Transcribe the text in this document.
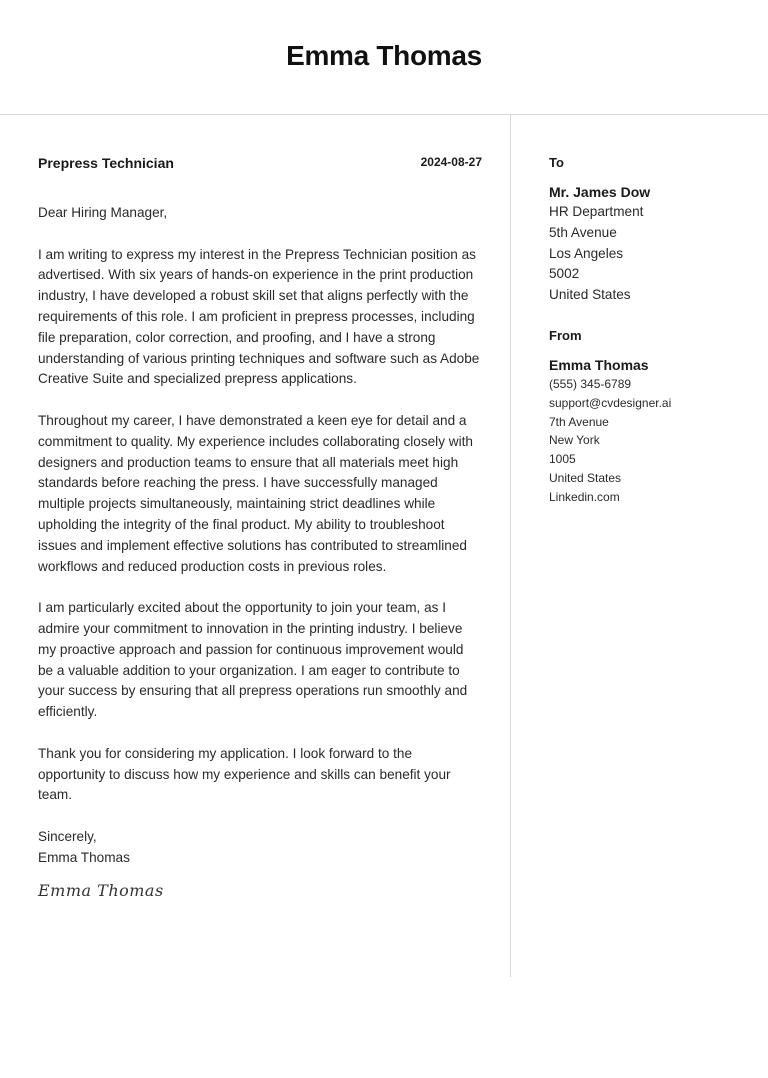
Emma Thomas
Prepress Technician	2024-08-27

Dear Hiring Manager,

I am writing to express my interest in the Prepress Technician position as advertised. With six years of hands-on experience in the print production industry, I have developed a robust skill set that aligns perfectly with the requirements of this role. I am proficient in prepress processes, including file preparation, color correction, and proofing, and I have a strong understanding of various printing techniques and software such as Adobe Creative Suite and specialized prepress applications.

Throughout my career, I have demonstrated a keen eye for detail and a commitment to quality. My experience includes collaborating closely with designers and production teams to ensure that all materials meet high standards before reaching the press. I have successfully managed multiple projects simultaneously, maintaining strict deadlines while upholding the integrity of the final product. My ability to troubleshoot issues and implement effective solutions has contributed to streamlined workflows and reduced production costs in previous roles.

I am particularly excited about the opportunity to join your team, as I admire your commitment to innovation in the printing industry. I believe my proactive approach and passion for continuous improvement would be a valuable addition to your organization. I am eager to contribute to your success by ensuring that all prepress operations run smoothly and efficiently.

Thank you for considering my application. I look forward to the opportunity to discuss how my experience and skills can benefit your team.

Sincerely,
Emma Thomas
Emma Thomas
To
Mr. James Dow
HR Department
5th Avenue
Los Angeles
5002
United States
From
Emma Thomas
(555) 345-6789
support@cvdesigner.ai
7th Avenue
New York
1005
United States
Linkedin.com
